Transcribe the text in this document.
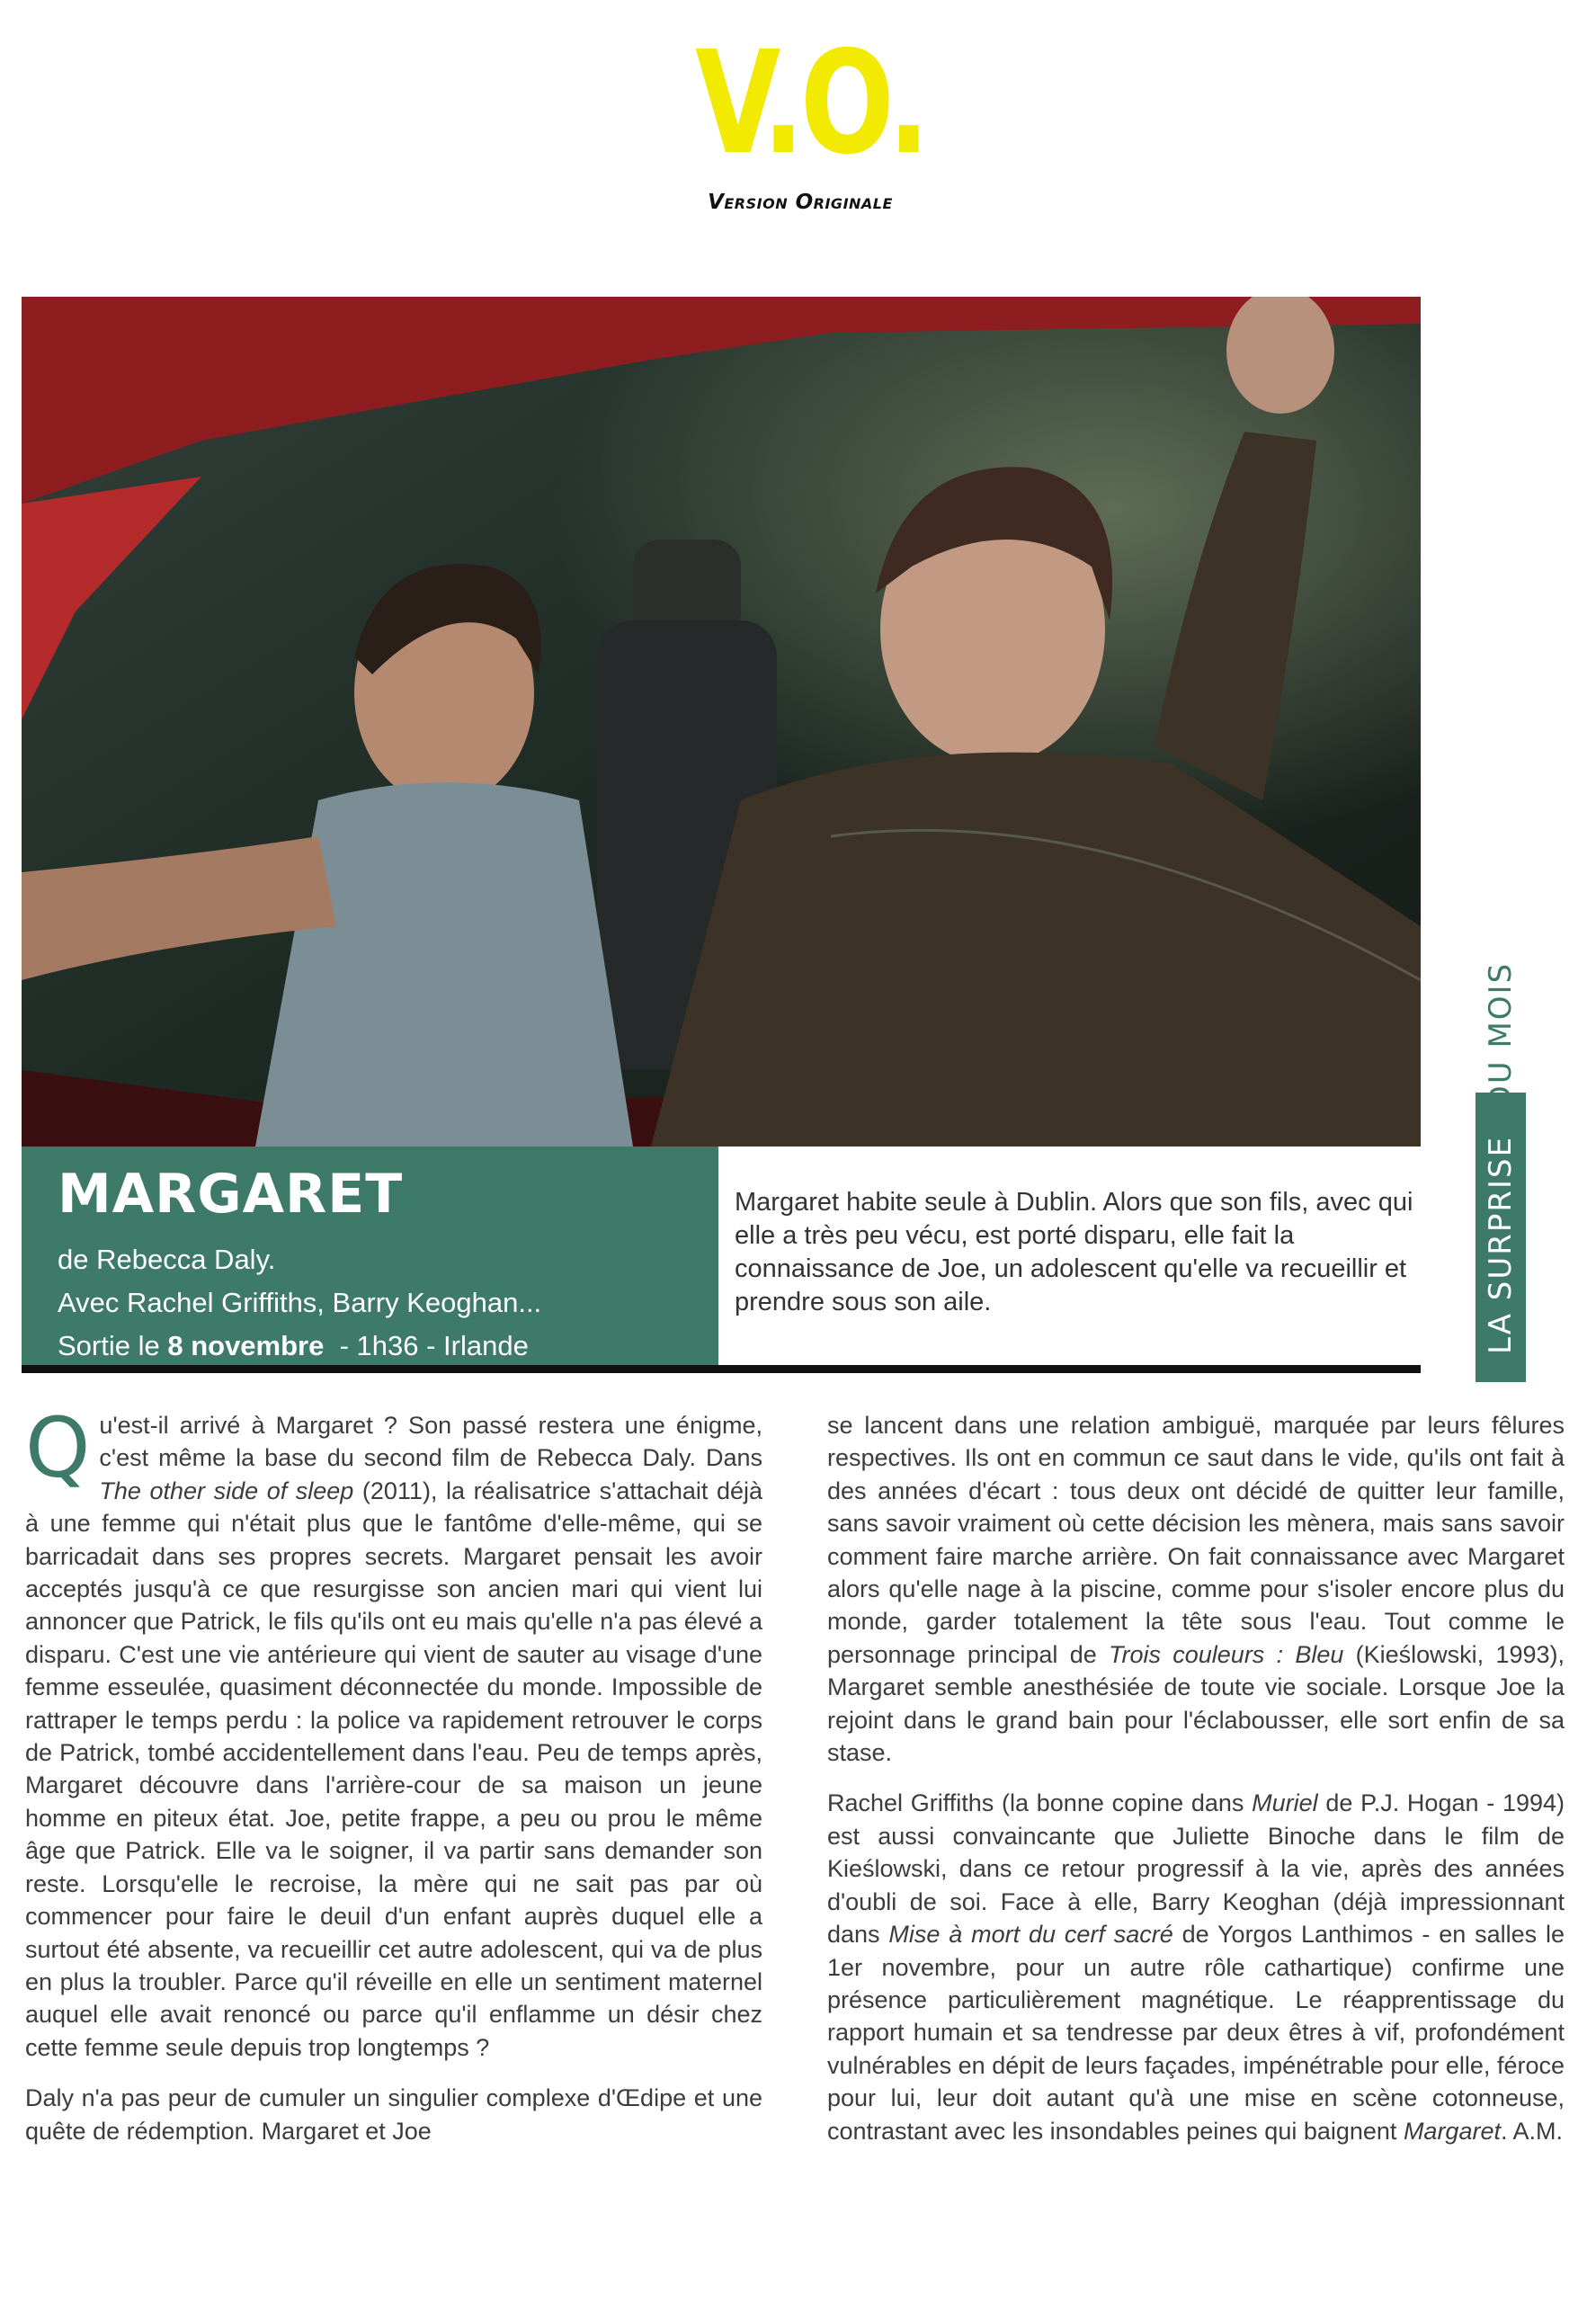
V.O.
Version Originale
MARGARET
de Rebecca Daly.
Avec Rachel Griffiths, Barry Keoghan...
Sortie le 8 novembre  - 1h36 - Irlande
Margaret habite seule à Dublin. Alors que son fils, avec qui elle a très peu vécu, est porté disparu, elle fait la connaissance de Joe, un adolescent qu'elle va recueillir et prendre sous son aile.	LA SURPRISE/DU MOIS

Qu'est-il arrivé à Margaret ? Son passé restera une énigme, c'est même la base du second film de Rebecca Daly. Dans The other side of sleep (2011), la réalisatrice s'attachait déjà à une femme qui n'était plus que le fantôme d'elle-même, qui se barricadait dans ses propres secrets. Margaret pensait les avoir acceptés jusqu'à ce que resurgisse son ancien mari qui vient lui annoncer que Patrick, le fils qu'ils ont eu mais qu'elle n'a pas élevé a disparu. C'est une vie antérieure qui vient de sauter au visage d'une femme esseulée, quasiment déconnectée du monde. Impossible de rattraper le temps perdu : la police va rapidement retrouver le corps de Patrick, tombé accidentellement dans l'eau. Peu de temps après, Margaret découvre dans l'arrière-cour de sa maison un jeune homme en piteux état. Joe, petite frappe, a peu ou prou le même âge que Patrick. Elle va le soigner, il va partir sans demander son reste. Lorsqu'elle le recroise, la mère qui ne sait pas par où commencer pour faire le deuil d'un enfant auprès duquel elle a surtout été absente, va recueillir cet autre adolescent, qui va de plus en plus la troubler. Parce qu'il réveille en elle un sentiment maternel auquel elle avait renoncé ou parce qu'il enflamme un désir chez cette femme seule depuis trop longtemps ?

Daly n'a pas peur de cumuler un singulier complexe d'Œdipe et une quête de rédemption. Margaret et Joe

se lancent dans une relation ambiguë, marquée par leurs fêlures respectives. Ils ont en commun ce saut dans le vide, qu'ils ont fait à des années d'écart : tous deux ont décidé de quitter leur famille, sans savoir vraiment où cette décision les mènera, mais sans savoir comment faire marche arrière. On fait connaissance avec Margaret alors qu'elle nage à la piscine, comme pour s'isoler encore plus du monde, garder totalement la tête sous l'eau. Tout comme le personnage principal de Trois couleurs : Bleu (Kieślowski, 1993), Margaret semble anesthésiée de toute vie sociale. Lorsque Joe la rejoint dans le grand bain pour l'éclabousser, elle sort enfin de sa stase.

Rachel Griffiths (la bonne copine dans Muriel de P.J. Hogan - 1994) est aussi convaincante que Juliette Binoche dans le film de Kieślowski, dans ce retour progressif à la vie, après des années d'oubli de soi. Face à elle, Barry Keoghan (déjà impressionnant dans Mise à mort du cerf sacré de Yorgos Lanthimos - en salles le 1er novembre, pour un autre rôle cathartique) confirme une présence particulièrement magnétique. Le réapprentissage du rapport humain et sa tendresse par deux êtres à vif, profondément vulnérables en dépit de leurs façades, impénétrable pour elle, féroce pour lui, leur doit autant qu'à une mise en scène cotonneuse, contrastant avec les insondables peines qui baignent Margaret. A.M.
